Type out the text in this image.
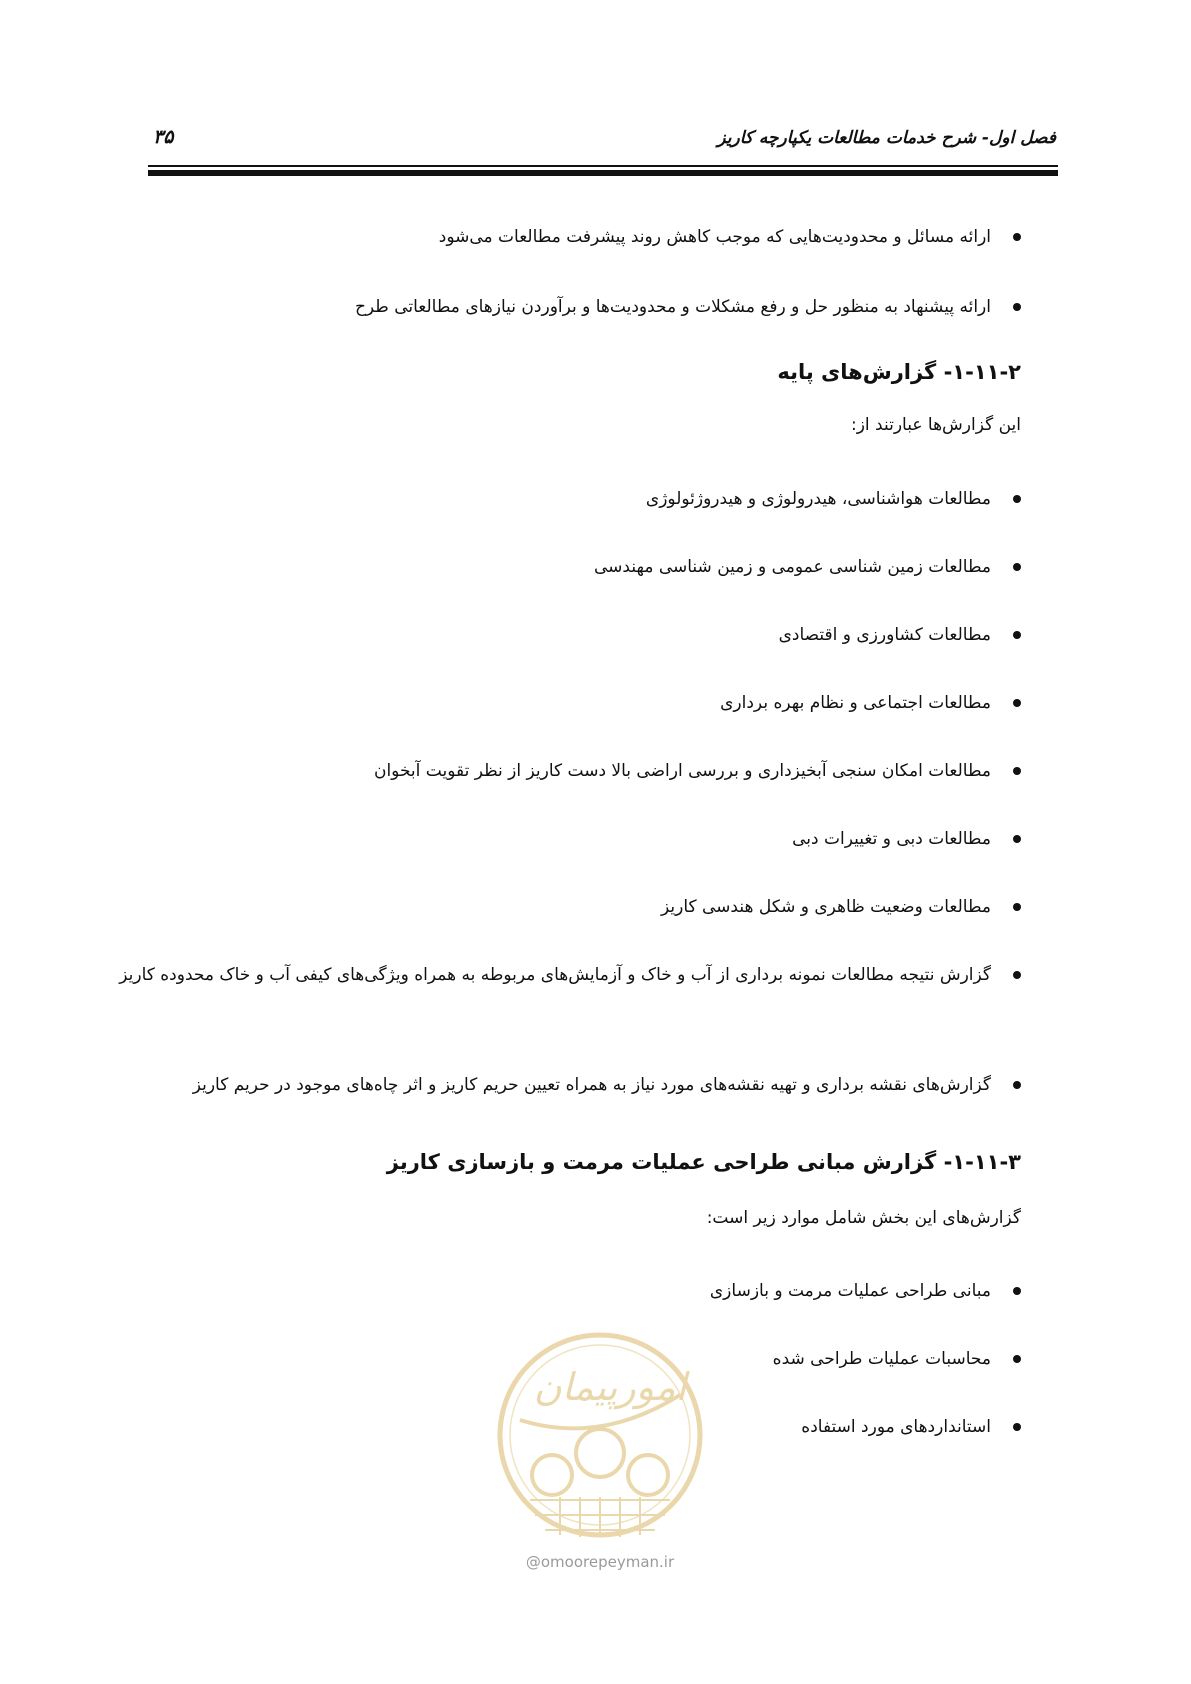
فصل اول- شرح خدمات مطالعات یکپارچه کاریز
۳۵
ارائه مسائل و محدودیت‌هایی که موجب کاهش روند پیشرفت مطالعات می‌شود
ارائه پیشنهاد به منظور حل و رفع مشکلات و محدودیت‌ها و برآوردن نیازهای مطالعاتی طرح
۱-۱۱-۲- گزارش‌های پایه
این گزارش‌ها عبارتند از:
مطالعات هواشناسی، هیدرولوژی و هیدروژئولوژی
مطالعات زمین شناسی عمومی و زمین شناسی مهندسی
مطالعات کشاورزی و اقتصادی
مطالعات اجتماعی و نظام بهره برداری
مطالعات امکان سنجی آبخیزداری و بررسی اراضی بالا دست کاریز از نظر تقویت آبخوان
مطالعات دبی و تغییرات دبی
مطالعات وضعیت ظاهری و شکل هندسی کاریز
گزارش نتیجه مطالعات نمونه برداری از آب و خاک و آزمایش‌های مربوطه به همراه ویژگی‌های کیفی آب و خاک محدوده کاریز
گزارش‌های نقشه برداری و تهیه نقشه‌های مورد نیاز به همراه تعیین حریم کاریز و اثر چاه‌های موجود در حریم کاریز
۱-۱۱-۳- گزارش مبانی طراحی عملیات مرمت و بازسازی کاریز
گزارش‌های این بخش شامل موارد زیر است:
مبانی طراحی عملیات مرمت و بازسازی
محاسبات عملیات طراحی شده
استانداردهای مورد استفاده
امورپیمان
@omoorepeyman.ir
